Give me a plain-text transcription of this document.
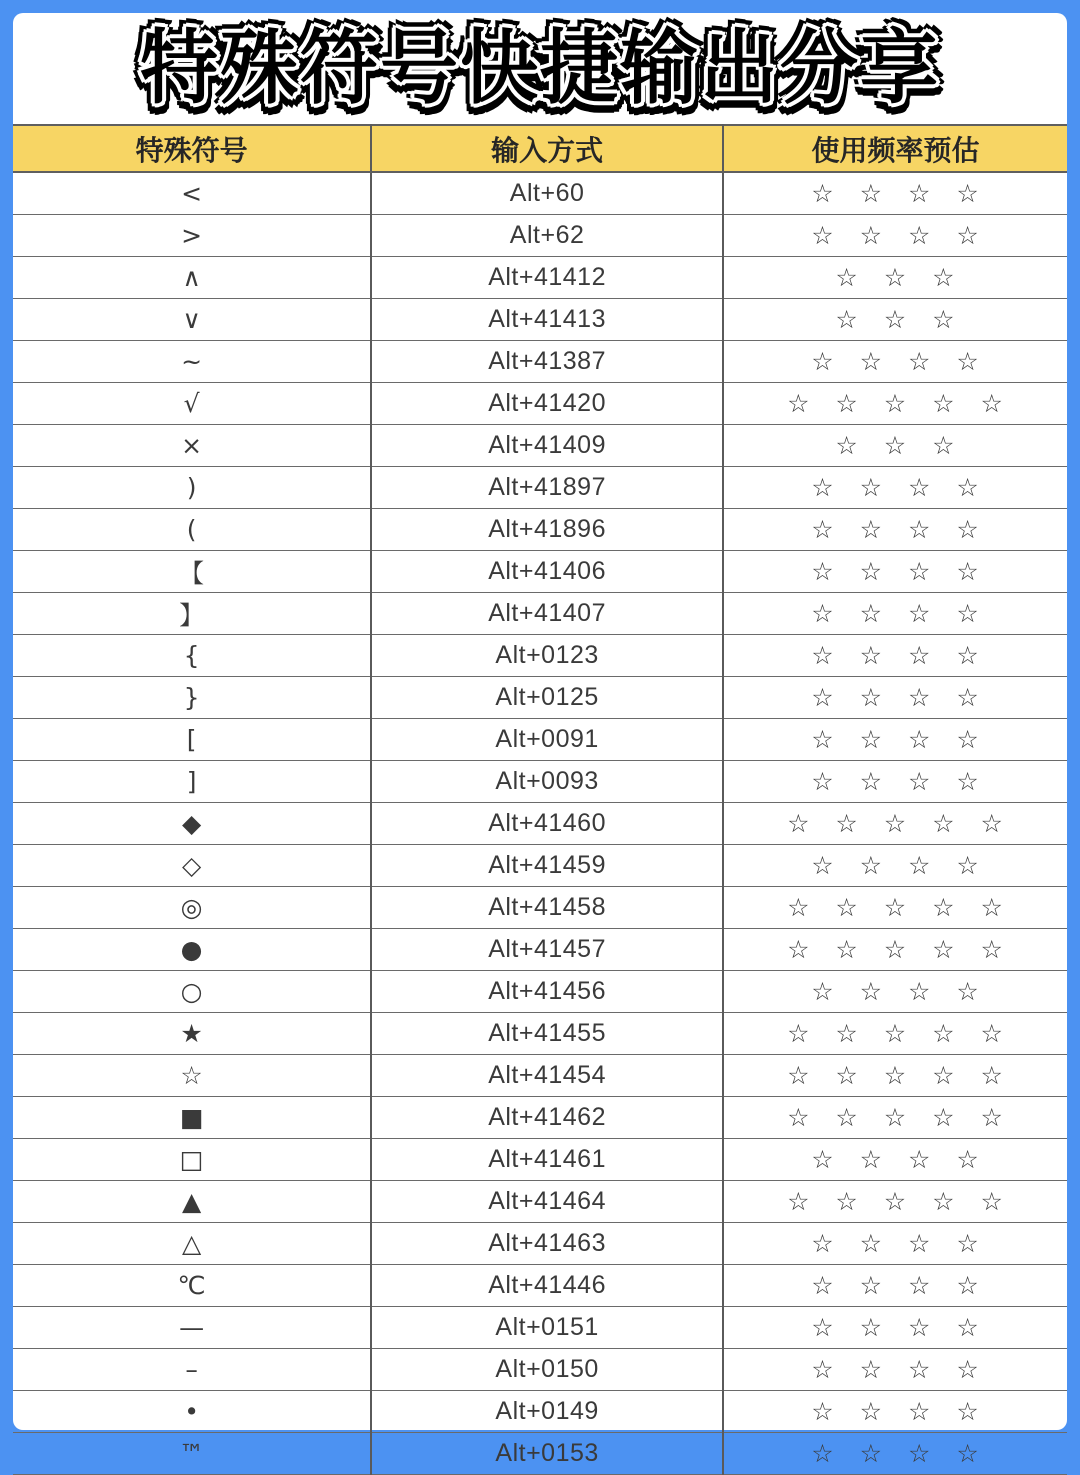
特殊符号快捷输出分享
特殊符号	输入方式	使用频率预估
<	Alt+60	☆ ☆ ☆ ☆
>	Alt+62	☆ ☆ ☆ ☆
∧	Alt+41412	☆ ☆ ☆
∨	Alt+41413	☆ ☆ ☆
~	Alt+41387	☆ ☆ ☆ ☆
√	Alt+41420	☆ ☆ ☆ ☆ ☆
×	Alt+41409	☆ ☆ ☆
)	Alt+41897	☆ ☆ ☆ ☆
(	Alt+41896	☆ ☆ ☆ ☆
【	Alt+41406	☆ ☆ ☆ ☆
】	Alt+41407	☆ ☆ ☆ ☆
{	Alt+0123	☆ ☆ ☆ ☆
}	Alt+0125	☆ ☆ ☆ ☆
[	Alt+0091	☆ ☆ ☆ ☆
]	Alt+0093	☆ ☆ ☆ ☆
◆	Alt+41460	☆ ☆ ☆ ☆ ☆
◇	Alt+41459	☆ ☆ ☆ ☆
◎	Alt+41458	☆ ☆ ☆ ☆ ☆
●	Alt+41457	☆ ☆ ☆ ☆ ☆
○	Alt+41456	☆ ☆ ☆ ☆
★	Alt+41455	☆ ☆ ☆ ☆ ☆
☆	Alt+41454	☆ ☆ ☆ ☆ ☆
■	Alt+41462	☆ ☆ ☆ ☆ ☆
□	Alt+41461	☆ ☆ ☆ ☆
▲	Alt+41464	☆ ☆ ☆ ☆ ☆
△	Alt+41463	☆ ☆ ☆ ☆
℃	Alt+41446	☆ ☆ ☆ ☆
—	Alt+0151	☆ ☆ ☆ ☆
–	Alt+0150	☆ ☆ ☆ ☆
•	Alt+0149	☆ ☆ ☆ ☆
™	Alt+0153	☆ ☆ ☆ ☆
